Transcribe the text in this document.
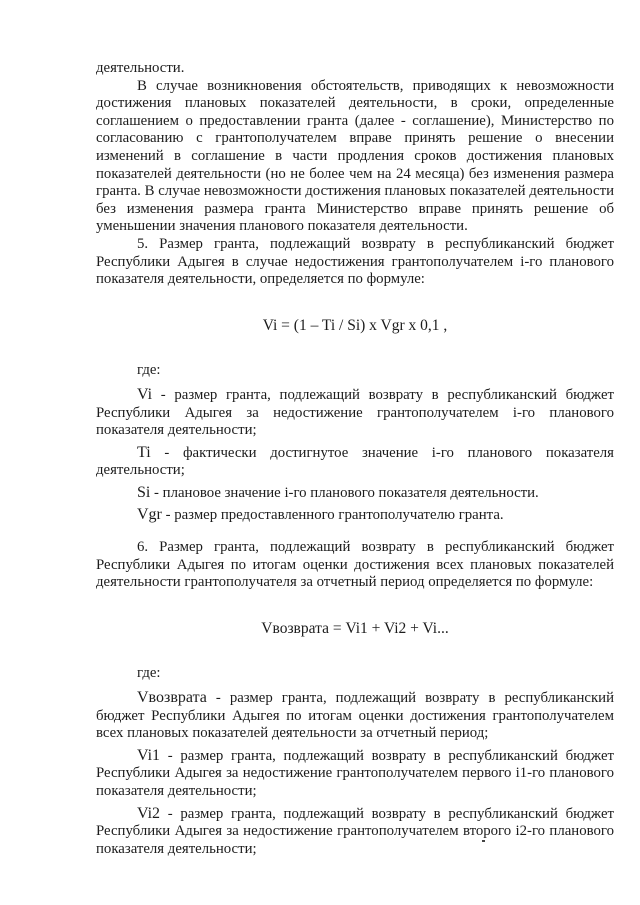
деятельности.

В случае возникновения обстоятельств, приводящих к невозможности достижения плановых показателей деятельности, в сроки, определенные соглашением о предоставлении гранта (далее - соглашение), Министерство по согласованию с грантополучателем вправе принять решение о внесении изменений в соглашение в части продления сроков достижения плановых показателей деятельности (но не более чем на 24 месяца) без изменения размера гранта. В случае невозможности достижения плановых показателей деятельности без изменения размера гранта Министерство вправе принять решение об уменьшении значения планового показателя деятельности.

5. Размер гранта, подлежащий возврату в республиканский бюджет Республики Адыгея в случае недостижения грантополучателем i-го планового показателя деятельности, определяется по формуле:

Vi = (1 – Ti / Si) x Vgr x 0,1 ,

где:

Vi - размер гранта, подлежащий возврату в республиканский бюджет Республики Адыгея за недостижение грантополучателем i-го планового показателя деятельности;

Ti - фактически достигнутое значение i-го планового показателя деятельности;

Si - плановое значение i-го планового показателя деятельности.

Vgr - размер предоставленного грантополучателю гранта.

6. Размер гранта, подлежащий возврату в республиканский бюджет Республики Адыгея по итогам оценки достижения всех плановых показателей деятельности грантополучателя за отчетный период определяется по формуле:

Vвозврата = Vi1 + Vi2 + Vi...

где:

Vвозврата - размер гранта, подлежащий возврату в республиканский бюджет Республики Адыгея по итогам оценки достижения грантополучателем всех плановых показателей деятельности за отчетный период;

Vi1 - размер гранта, подлежащий возврату в республиканский бюджет Республики Адыгея за недостижение грантополучателем первого i1-го планового показателя деятельности;

Vi2 - размер гранта, подлежащий возврату в республиканский бюджет Республики Адыгея за недостижение грантополучателем второго i2-го планового показателя деятельности;
